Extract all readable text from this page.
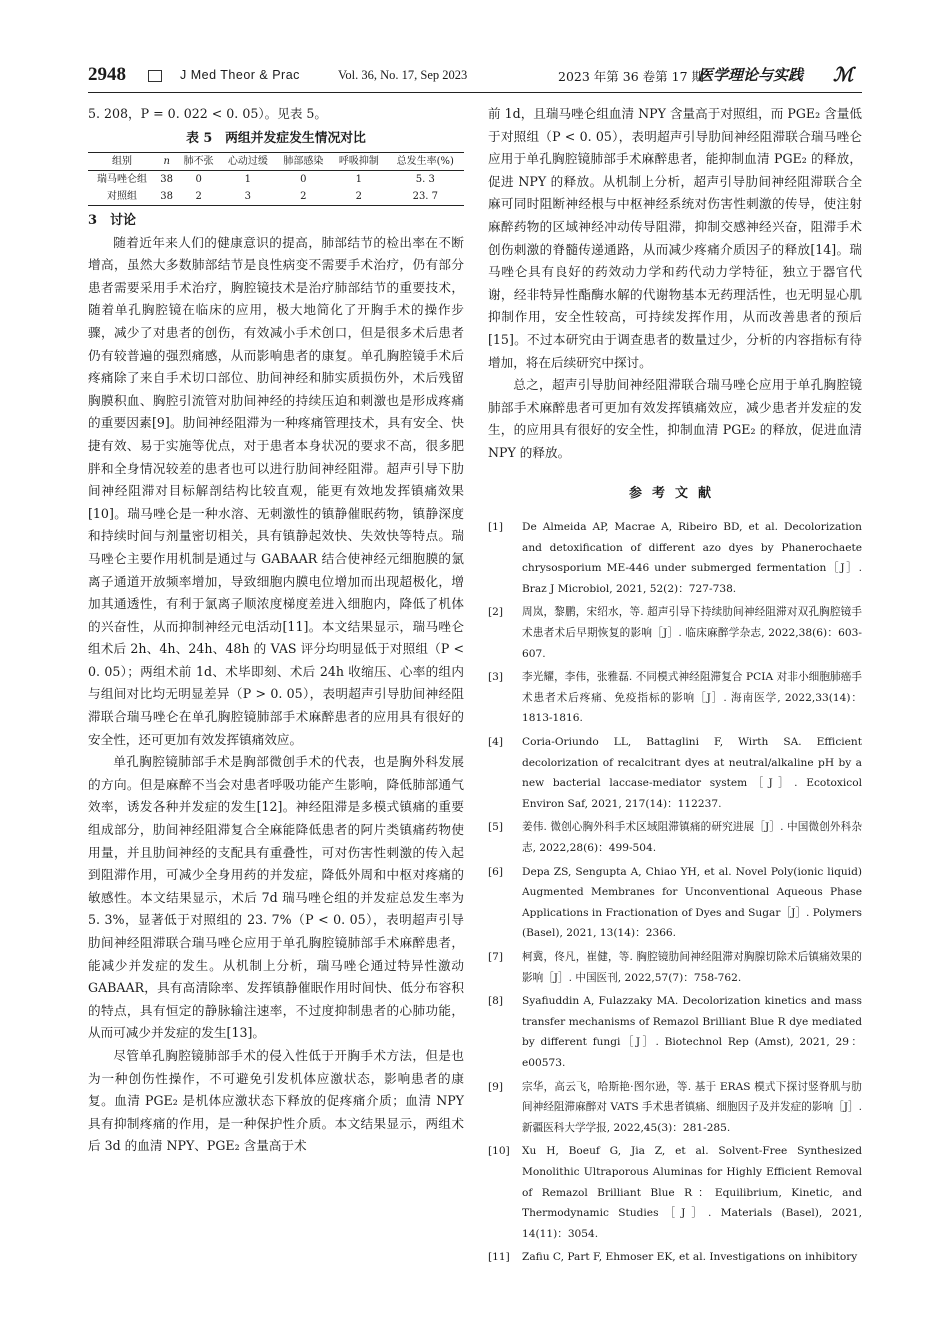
2948	J Med Theor & Prac	Vol. 36, No. 17, Sep 2023	2023 年第 36 卷第 17 期
医学理论与实践 ℳ

5. 208，P = 0. 022 < 0. 05）。见表 5。

表 5　两组并发症发生情况对比
组别	n	肺不张	心动过缓	肺部感染	呼吸抑制	总发生率(%)
瑞马唑仑组	38	0	1	0	1	5. 3
对照组	38	2	3	2	2	23. 7
3　讨论

随着近年来人们的健康意识的提高，肺部结节的检出率在不断增高，虽然大多数肺部结节是良性病变不需要手术治疗，仍有部分患者需要采用手术治疗，胸腔镜技术是治疗肺部结节的重要技术，随着单孔胸腔镜在临床的应用，极大地简化了开胸手术的操作步骤，减少了对患者的创伤，有效减小手术创口，但是很多术后患者仍有较普遍的强烈痛感，从而影响患者的康复。单孔胸腔镜手术后疼痛除了来自手术切口部位、肋间神经和肺实质损伤外，术后残留胸膜积血、胸腔引流管对肋间神经的持续压迫和刺激也是形成疼痛的重要因素[9]。肋间神经阻滞为一种疼痛管理技术，具有安全、快捷有效、易于实施等优点，对于患者本身状况的要求不高，很多肥胖和全身情况较差的患者也可以进行肋间神经阻滞。超声引导下肋间神经阻滞对目标解剖结构比较直观，能更有效地发挥镇痛效果[10]。瑞马唑仑是一种水溶、无刺激性的镇静催眠药物，镇静深度和持续时间与剂量密切相关，具有镇静起效快、失效快等特点。瑞马唑仑主要作用机制是通过与 GABAAR 结合使神经元细胞膜的氯离子通道开放频率增加，导致细胞内膜电位增加而出现超极化，增加其通透性，有利于氯离子顺浓度梯度差进入细胞内，降低了机体的兴奋性，从而抑制神经元电活动[11]。本文结果显示，瑞马唑仑组术后 2h、4h、24h、48h 的 VAS 评分均明显低于对照组（P < 0. 05）；两组术前 1d、术毕即刻、术后 24h 收缩压、心率的组内与组间对比均无明显差异（P > 0. 05），表明超声引导肋间神经阻滞联合瑞马唑仑在单孔胸腔镜肺部手术麻醉患者的应用具有很好的安全性，还可更加有效发挥镇痛效应。

单孔胸腔镜肺部手术是胸部微创手术的代表，也是胸外科发展的方向。但是麻醉不当会对患者呼吸功能产生影响，降低肺部通气效率，诱发各种并发症的发生[12]。神经阻滞是多模式镇痛的重要组成部分，肋间神经阻滞复合全麻能降低患者的阿片类镇痛药物使用量，并且肋间神经的支配具有重叠性，可对伤害性刺激的传入起到阻滞作用，可减少全身用药的并发症，降低外周和中枢对疼痛的敏感性。本文结果显示，术后 7d 瑞马唑仑组的并发症总发生率为 5. 3%，显著低于对照组的 23. 7%（P < 0. 05），表明超声引导肋间神经阻滞联合瑞马唑仑应用于单孔胸腔镜肺部手术麻醉患者，能减少并发症的发生。从机制上分析，瑞马唑仑通过特异性激动 GABAAR，具有高清除率、发挥镇静催眠作用时间快、低分布容积的特点，具有恒定的静脉输注速率，不过度抑制患者的心肺功能，从而可减少并发症的发生[13]。

尽管单孔胸腔镜肺部手术的侵入性低于开胸手术方法，但是也为一种创伤性操作，不可避免引发机体应激状态，影响患者的康复。血清 PGE₂ 是机体应激状态下释放的促疼痛介质；血清 NPY 具有抑制疼痛的作用，是一种保护性介质。本文结果显示，两组术后 3d 的血清 NPY、PGE₂ 含量高于术

前 1d，且瑞马唑仑组血清 NPY 含量高于对照组，而 PGE₂ 含量低于对照组（P < 0. 05），表明超声引导肋间神经阻滞联合瑞马唑仑应用于单孔胸腔镜肺部手术麻醉患者，能抑制血清 PGE₂ 的释放，促进 NPY 的释放。从机制上分析，超声引导肋间神经阻滞联合全麻可同时阻断神经根与中枢神经系统对伤害性刺激的传导，使注射麻醉药物的区域神经冲动传导阻滞，抑制交感神经兴奋，阻滞手术创伤刺激的脊髓传递通路，从而减少疼痛介质因子的释放[14]。瑞马唑仑具有良好的药效动力学和药代动力学特征，独立于器官代谢，经非特异性酯酶水解的代谢物基本无药理活性，也无明显心肌抑制作用，安全性较高，可持续发挥作用，从而改善患者的预后[15]。不过本研究由于调查患者的数量过少，分析的内容指标有待增加，将在后续研究中探讨。

总之，超声引导肋间神经阻滞联合瑞马唑仑应用于单孔胸腔镜肺部手术麻醉患者可更加有效发挥镇痛效应，减少患者并发症的发生，的应用具有很好的安全性，抑制血清 PGE₂ 的释放，促进血清 NPY 的释放。

参考文献
[1] De Almeida AP, Macrae A, Ribeiro BD, et al. Decolorization and detoxification of different azo dyes by Phanerochaete chrysosporium ME-446 under submerged fermentation［J］. Braz J Microbiol, 2021, 52(2)：727-738.
[2] 周岚，黎鹏，宋绍水，等. 超声引导下持续肋间神经阻滞对双孔胸腔镜手术患者术后早期恢复的影响［J］. 临床麻醉学杂志, 2022,38(6)：603-607.
[3] 李光耀，李伟，张雅磊. 不同模式神经阻滞复合 PCIA 对非小细胞肺癌手术患者术后疼痛、免疫指标的影响［J］. 海南医学, 2022,33(14)：1813-1816.
[4] Coria-Oriundo LL, Battaglini F, Wirth SA. Efficient decolorization of recalcitrant dyes at neutral/alkaline pH by a new bacterial laccase-mediator system［J］. Ecotoxicol Environ Saf, 2021, 217(14)：112237.
[5] 姜伟. 微创心胸外科手术区域阻滞镇痛的研究进展［J］. 中国微创外科杂志, 2022,28(6)：499-504.
[6] Depa ZS, Sengupta A, Chiao YH, et al. Novel Poly(ionic liquid) Augmented Membranes for Unconventional Aqueous Phase Applications in Fractionation of Dyes and Sugar［J］. Polymers (Basel), 2021, 13(14)：2366.
[7] 柯冀，佟凡，崔健，等. 胸腔镜肋间神经阻滞对胸腺切除术后镇痛效果的影响［J］. 中国医刊, 2022,57(7)：758-762.
[8] Syafiuddin A, Fulazzaky MA. Decolorization kinetics and mass transfer mechanisms of Remazol Brilliant Blue R dye mediated by different fungi［J］. Biotechnol Rep (Amst), 2021, 29：e00573.
[9] 宗华，高云飞，哈斯艳·图尔逊，等. 基于 ERAS 模式下探讨竖脊肌与肋间神经阻滞麻醉对 VATS 手术患者镇痛、细胞因子及并发症的影响［J］. 新疆医科大学学报, 2022,45(3)：281-285.
[10] Xu H, Boeuf G, Jia Z, et al. Solvent-Free Synthesized Monolithic Ultraporous Aluminas for Highly Efficient Removal of Remazol Brilliant Blue R：Equilibrium, Kinetic, and Thermodynamic Studies［J］. Materials (Basel), 2021, 14(11)：3054.
[11] Zafiu C, Part F, Ehmoser EK, et al. Investigations on inhibitory
